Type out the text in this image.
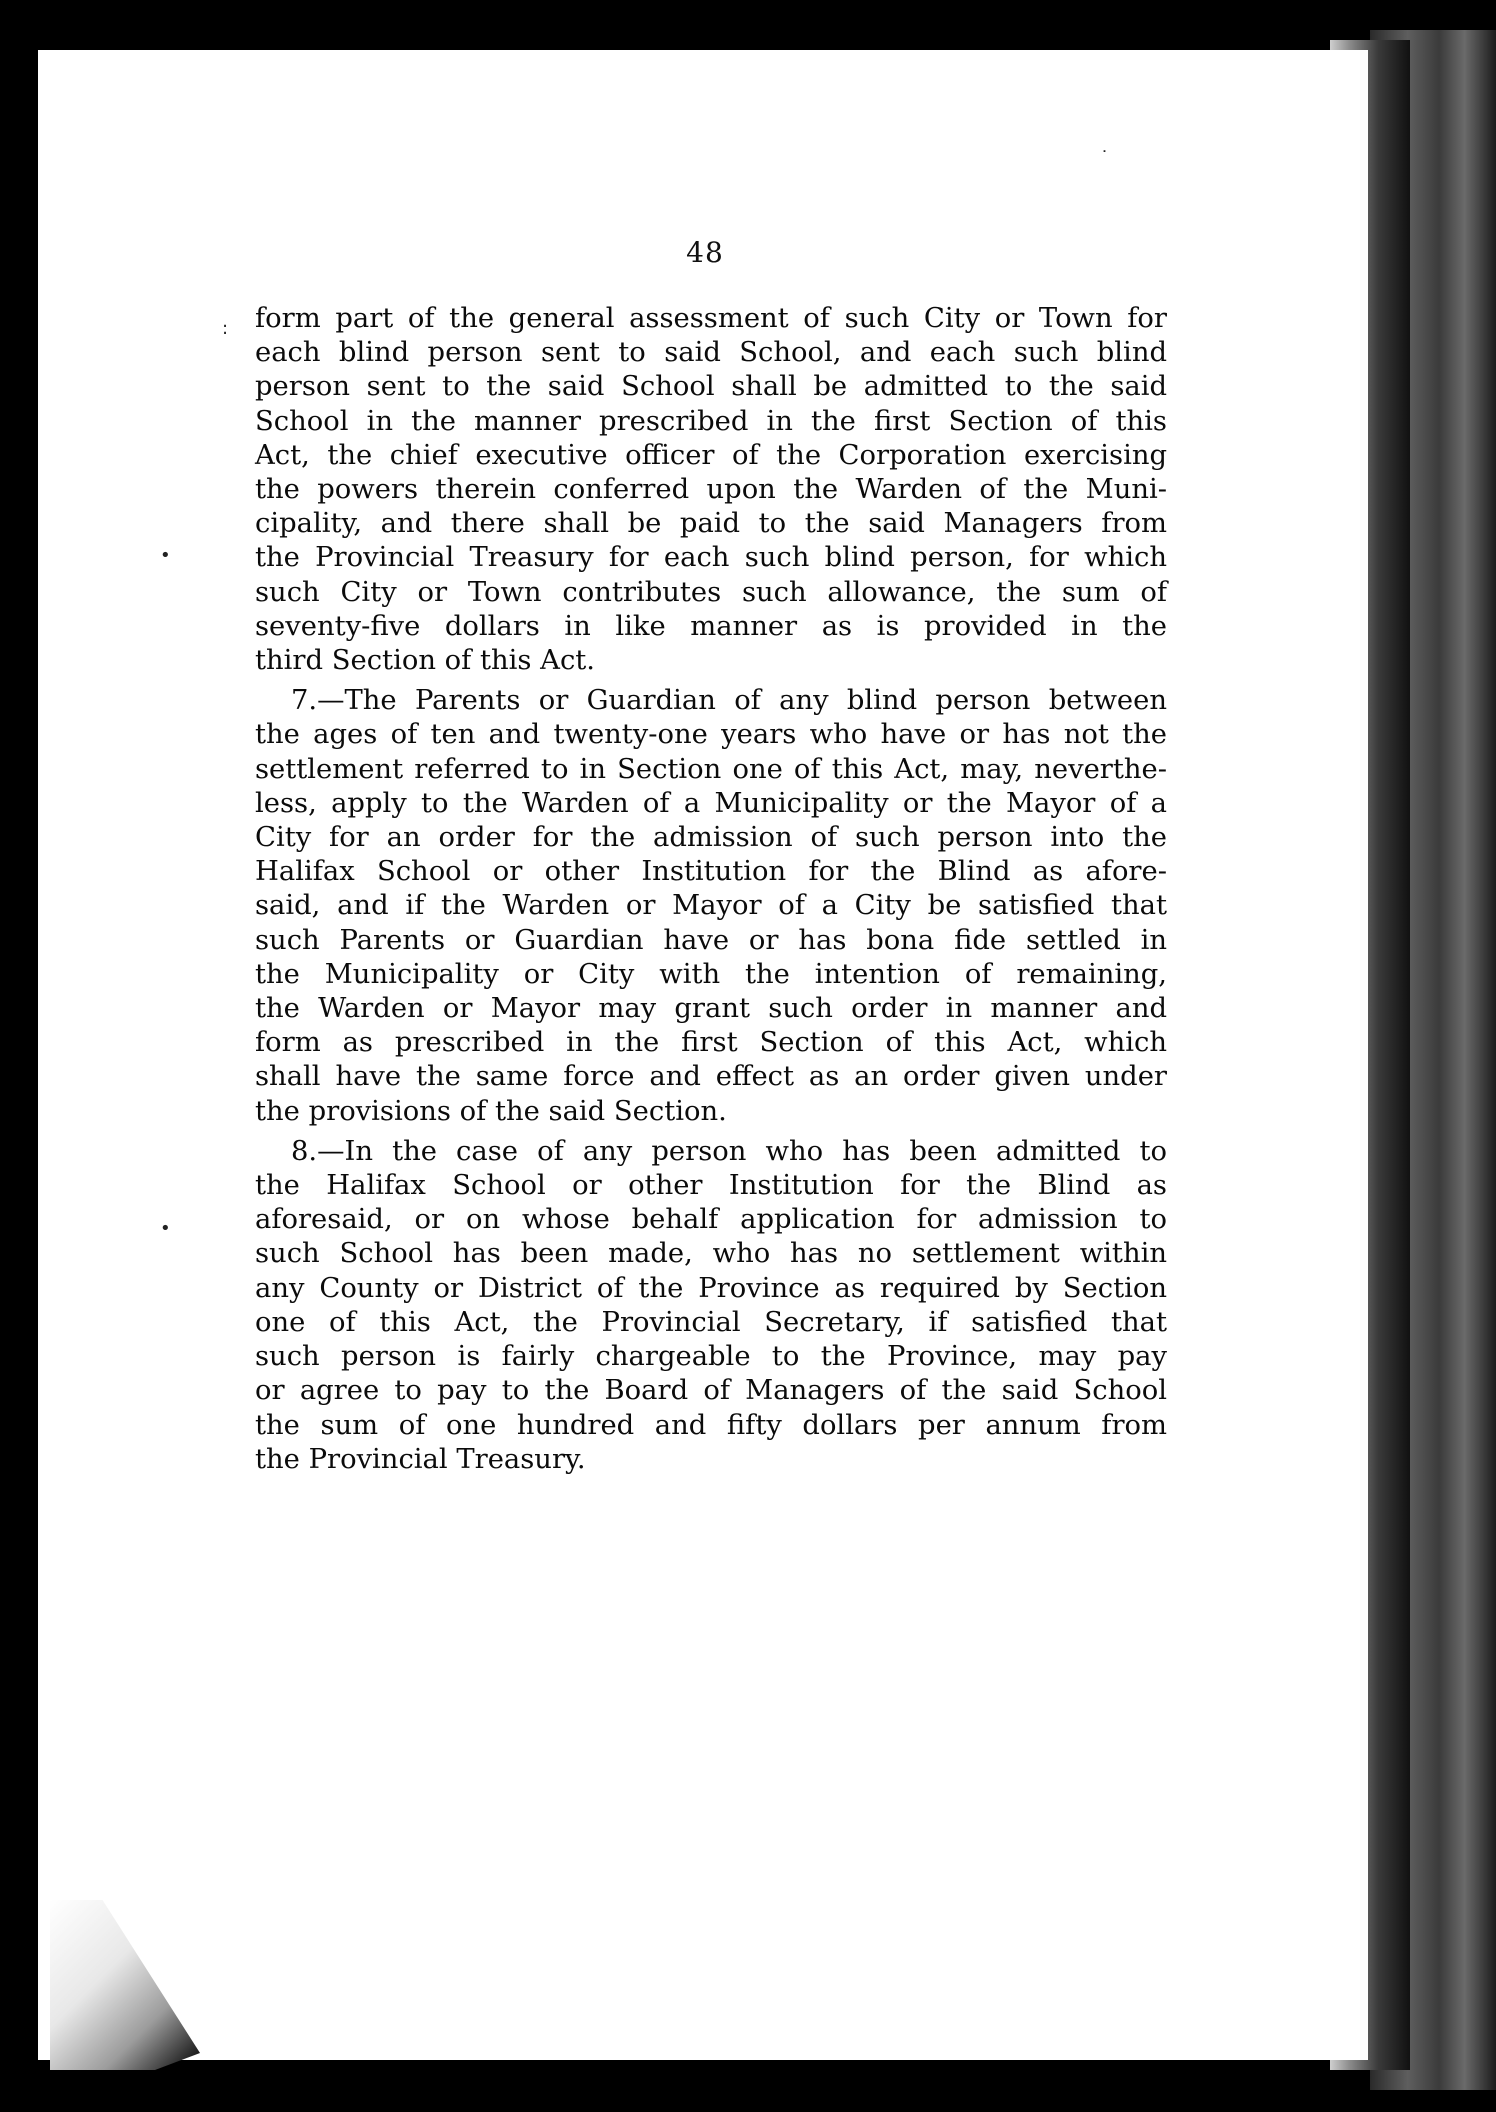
:
•
•
˙
48
form part of the general assessment of such City or Town for
each blind person sent to said School, and each such blind
person sent to the said School shall be admitted to the said
School in the manner prescribed in the first Section of this
Act, the chief executive officer of the Corporation exercising
the powers therein conferred upon the Warden of the Muni-
cipality, and there shall be paid to the said Managers from
the Provincial Treasury for each such blind person, for which
such City or Town contributes such allowance, the sum of
seventy-five dollars in like manner as is provided in the
third Section of this Act.
7.—The Parents or Guardian of any blind person between
the ages of ten and twenty-one years who have or has not the
settlement referred to in Section one of this Act, may, neverthe-
less, apply to the Warden of a Municipality or the Mayor of a
City for an order for the admission of such person into the
Halifax School or other Institution for the Blind as afore-
said, and if the Warden or Mayor of a City be satisfied that
such Parents or Guardian have or has bona fide settled in
the Municipality or City with the intention of remaining,
the Warden or Mayor may grant such order in manner and
form as prescribed in the first Section of this Act, which
shall have the same force and effect as an order given under
the provisions of the said Section.
8.—In the case of any person who has been admitted to
the Halifax School or other Institution for the Blind as
aforesaid, or on whose behalf application for admission to
such School has been made, who has no settlement within
any County or District of the Province as required by Section
one of this Act, the Provincial Secretary, if satisfied that
such person is fairly chargeable to the Province, may pay
or agree to pay to the Board of Managers of the said School
the sum of one hundred and fifty dollars per annum from
the Provincial Treasury.
